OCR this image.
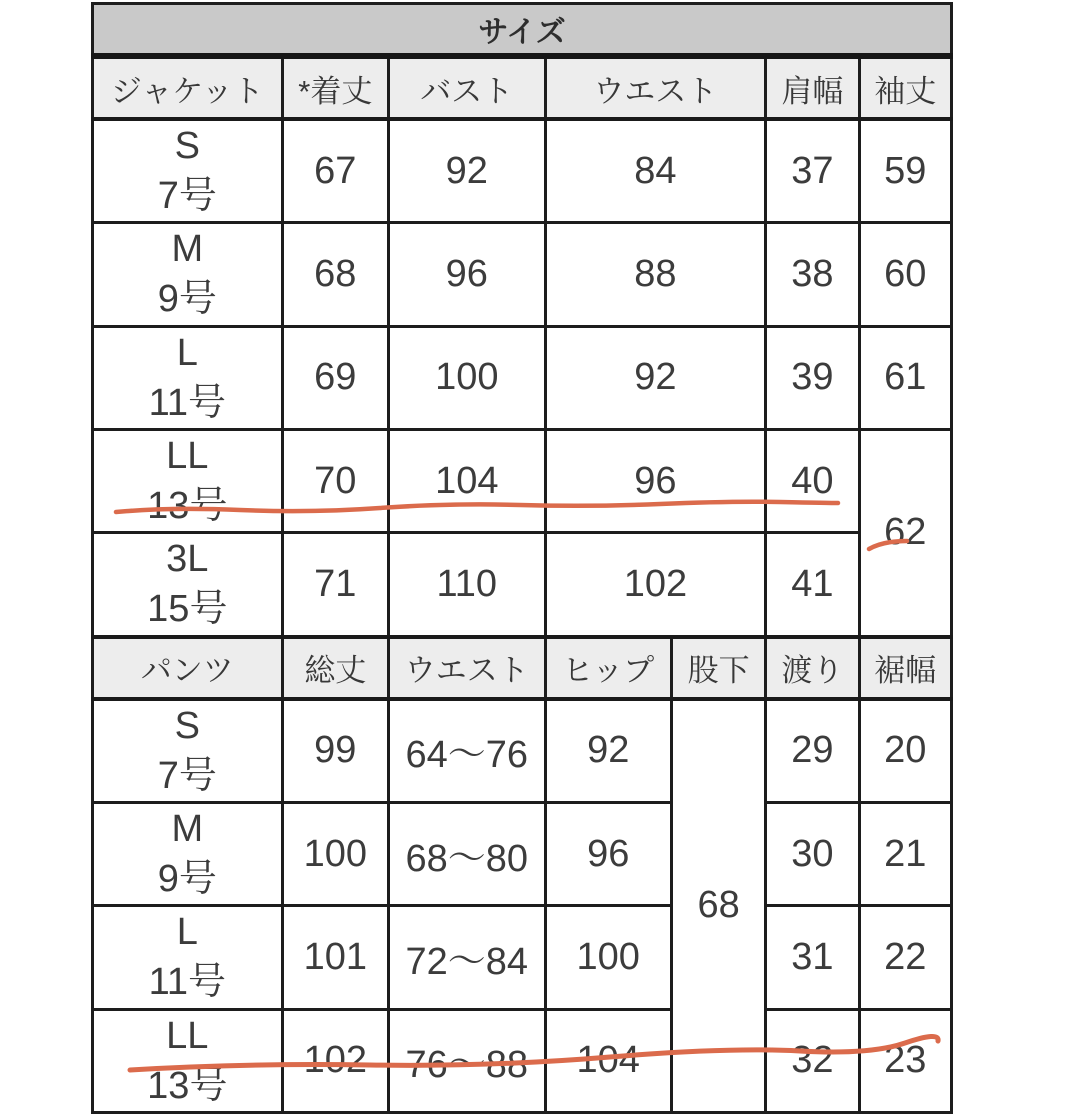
サイズ						
ジャケット	*着丈	バスト	ウエスト		肩幅	袖丈

S
7号	67	92	84		37	59

M
9号	68	96	88		38	60

L
11号	69	100	92		39	61

LL
13号	70	104	96		40	62

3L
15号	71	110	102		41	
パンツ	総丈	ウエスト	ヒップ	股下	渡り	裾幅

S
7号	99	64～76	92	68	29	20

M
9号	100	68～80	96		30	21

L
11号	101	72～84	100		31	22

LL
13号	102	76～88	104		32	23
